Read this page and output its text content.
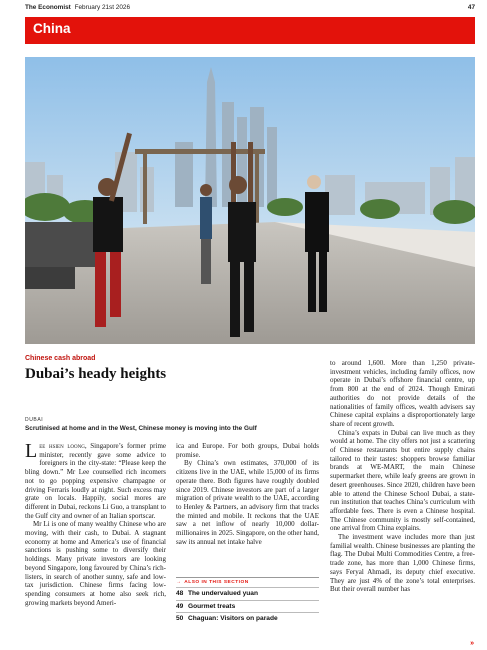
The Economist February 21st 2026	47
China
Chinese cash abroad
Dubai’s heady heights
DUBAI
Scrutinised at home and in the West, Chinese money is moving into the Gulf

Lee hsien loong, Singapore’s former prime minister, recently gave some advice to foreigners in the city-state: “Please keep the bling down.” Mr Lee counselled rich incomers not to go popping expensive champagne or driving Ferraris loudly at night. Such excess may grate on locals. Happily, social mores are different in Dubai, reckons Li Guo, a transplant to the Gulf city and owner of an Italian sportscar.

Mr Li is one of many wealthy Chinese who are moving, with their cash, to Dubai. A stagnant economy at home and America’s use of financial sanctions is pushing some to diversify their holdings. Many private investors are looking beyond Singapore, long favoured by China’s rich-listers, in search of another sunny, safe and low-tax jurisdiction. Chinese firms facing low-spending consumers at home also seek rich, growing markets beyond Ameri-

ica and Europe. For both groups, Dubai holds promise.

By China’s own estimates, 370,000 of its citizens live in the UAE, while 15,000 of its firms operate there. Both figures have roughly doubled since 2019. Chinese investors are part of a larger migration of private wealth to the UAE, according to Henley & Partners, an advisory firm that tracks the minted and mobile. It reckons that the UAE saw a net inflow of nearly 10,000 dollar-millionaires in 2025. Singapore, on the other hand, saw its annual net intake halve

→ ALSO IN THIS SECTION
48 The undervalued yuan
49 Gourmet treats
50 Chaguan: Visitors on parade

to around 1,600. More than 1,250 private-investment vehicles, including family offices, now operate in Dubai’s offshore financial centre, up from 800 at the end of 2024. Though Emirati authorities do not provide details of the nationalities of family offices, wealth advisers say Chinese capital explains a disproportionately large share of recent growth.

China’s expats in Dubai can live much as they would at home. The city offers not just a scattering of Chinese restaurants but entire supply chains tailored to their tastes: shoppers browse familiar brands at WE-MART, the main Chinese supermarket there, while leafy greens are grown in desert greenhouses. Since 2020, children have been able to attend the Chinese School Dubai, a state-run institution that teaches China’s curriculum with affordable fees. There is even a Chinese hospital. The Chinese community is mostly self-contained, one arrival from China explains.

The investment wave includes more than just familial wealth. Chinese businesses are planting the flag. The Dubai Multi Commodities Centre, a free-trade zone, has more than 1,000 Chinese firms, says Feryal Ahmadi, its deputy chief executive. They are just 4% of the zone’s total enterprises. But their overall number has

»
